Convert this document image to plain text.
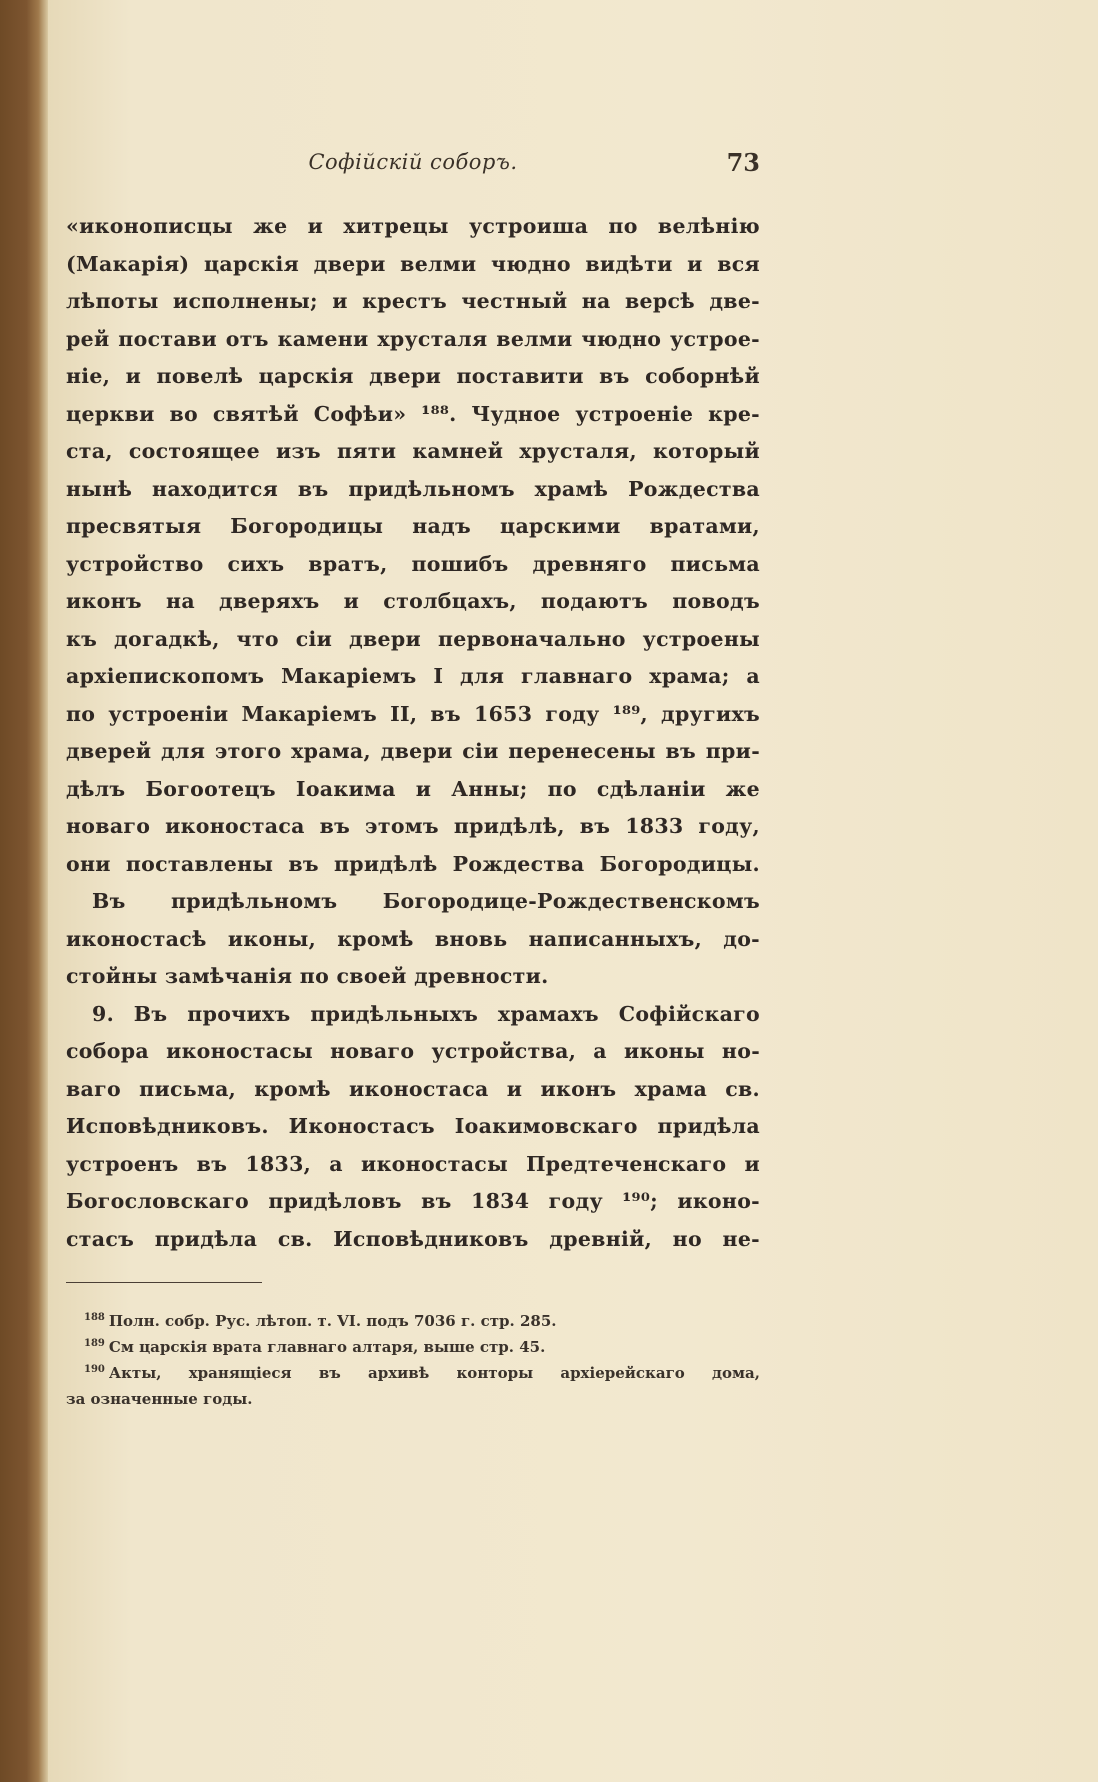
Софійскій соборъ.	73
«иконописцы же и хитрецы устроиша по велѣнію
(Макарія) царскія двери велми чюдно видѣти и вся
лѣпоты исполнены; и крестъ честный на версѣ две-
рей постави отъ камени хрусталя велми чюдно устрое-
ніе, и повелѣ царскія двери поставити въ соборнѣй
церкви во святѣй Софѣи» ¹⁸⁸. Чудное устроеніе кре-
ста, состоящее изъ пяти камней хрусталя, который
нынѣ находится въ придѣльномъ храмѣ Рождества
пресвятыя Богородицы надъ царскими вратами,
устройство сихъ вратъ, пошибъ древняго письма
иконъ на дверяхъ и столбцахъ, подаютъ поводъ
къ догадкѣ, что сіи двери первоначально устроены
архіепископомъ Макаріемъ I для главнаго храма; а
по устроеніи Макаріемъ II, въ 1653 году ¹⁸⁹, другихъ
дверей для этого храма, двери сіи перенесены въ при-
дѣлъ Богоотецъ Іоакима и Анны; по сдѣланіи же
новаго иконостаса въ этомъ придѣлѣ, въ 1833 году,
они поставлены въ придѣлѣ Рождества Богородицы.
Въ придѣльномъ Богородице-Рождественскомъ
иконостасѣ иконы, кромѣ вновь написанныхъ, до-
стойны замѣчанія по своей древности.
9. Въ прочихъ придѣльныхъ храмахъ Софійскаго
собора иконостасы новаго устройства, а иконы но-
ваго письма, кромѣ иконостаса и иконъ храма св.
Исповѣдниковъ. Иконостасъ Іоакимовскаго придѣла
устроенъ въ 1833, а иконостасы Предтеченскаго и
Богословскаго придѣловъ въ 1834 году ¹⁹⁰; иконо-
стасъ придѣла св. Исповѣдниковъ древній, но не-
$^{188}$ Полн. собр. Рус. лѣтоп. т. VI. подъ 7036 г. стр. 285.
$^{189}$ См царскія врата главнаго алтаря, выше стр. 45.
$^{190}$ Акты, хранящіеся въ архивѣ конторы архіерейскаго дома,
за означенные годы.
